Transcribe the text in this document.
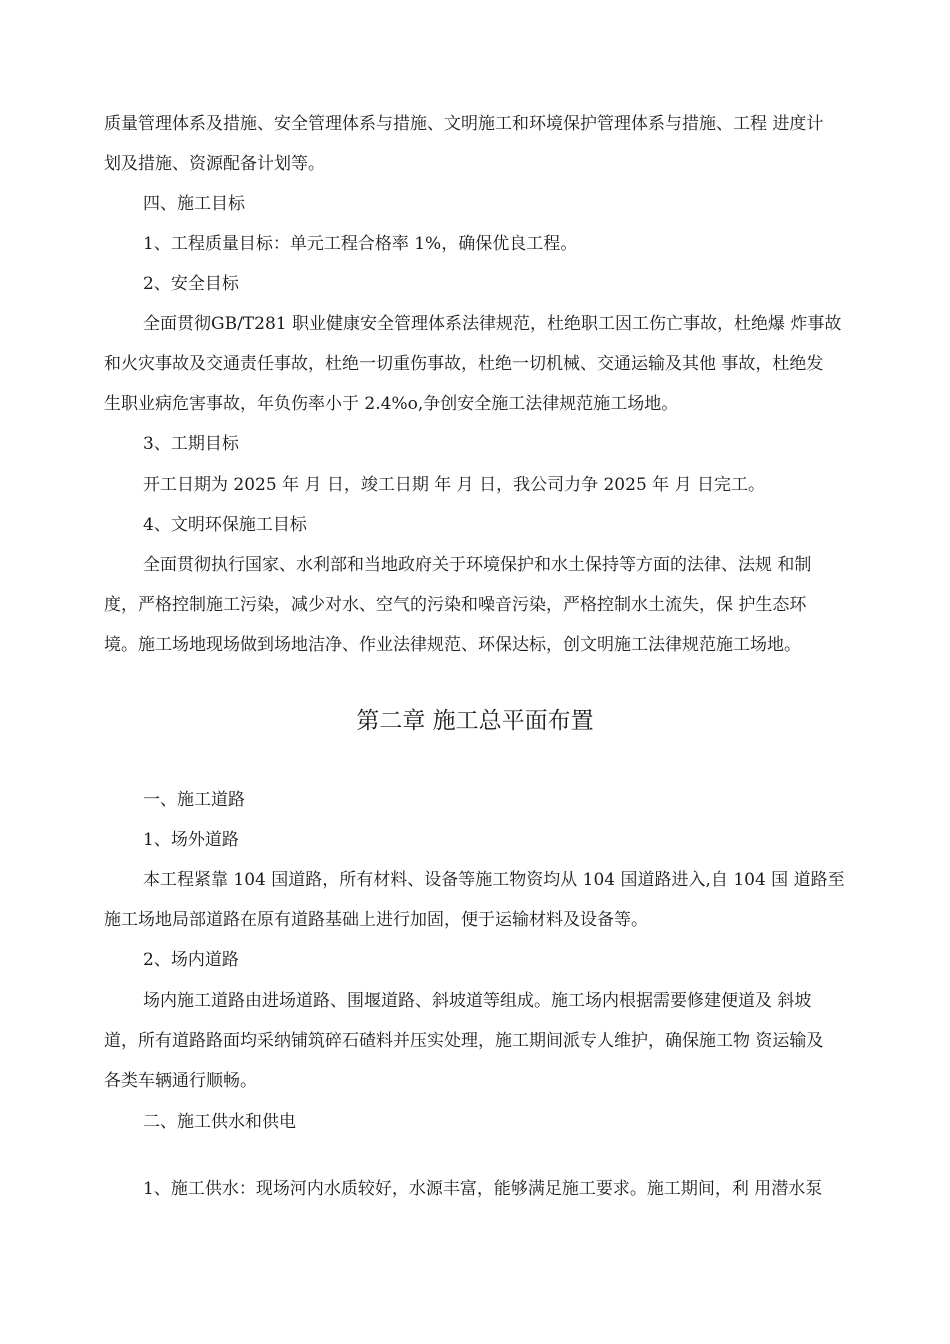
质量管理体系及措施、安全管理体系与措施、文明施工和环境保护管理体系与措施、工程 进度计
划及措施、资源配备计划等。
四、施工目标
1、工程质量目标：单元工程合格率 1%，确保优良工程。
2、安全目标
全面贯彻GB/T281 职业健康安全管理体系法律规范，杜绝职工因工伤亡事故，杜绝爆 炸事故
和火灾事故及交通责任事故，杜绝一切重伤事故，杜绝一切机械、交通运输及其他 事故，杜绝发
生职业病危害事故，年负伤率小于 2.4%o,争创安全施工法律规范施工场地。
3、工期目标
开工日期为 2025 年 月 日，竣工日期 年 月 日，我公司力争 2025 年 月 日完工。
4、文明环保施工目标
全面贯彻执行国家、水利部和当地政府关于环境保护和水土保持等方面的法律、法规 和制
度，严格控制施工污染，减少对水、空气的污染和噪音污染，严格控制水土流失，保 护生态环
境。施工场地现场做到场地洁净、作业法律规范、环保达标，创文明施工法律规范施工场地。
第二章 施工总平面布置
一、施工道路
1、场外道路
本工程紧靠 104 国道路，所有材料、设备等施工物资均从 104 国道路进入,自 104 国 道路至
施工场地局部道路在原有道路基础上进行加固，便于运输材料及设备等。
2、场内道路
场内施工道路由进场道路、围堰道路、斜坡道等组成。施工场内根据需要修建便道及 斜坡
道，所有道路路面均采纳铺筑碎石碴料并压实处理，施工期间派专人维护，确保施工物 资运输及
各类车辆通行顺畅。
二、施工供水和供电
1、施工供水：现场河内水质较好，水源丰富，能够满足施工要求。施工期间，利 用潜水泵
